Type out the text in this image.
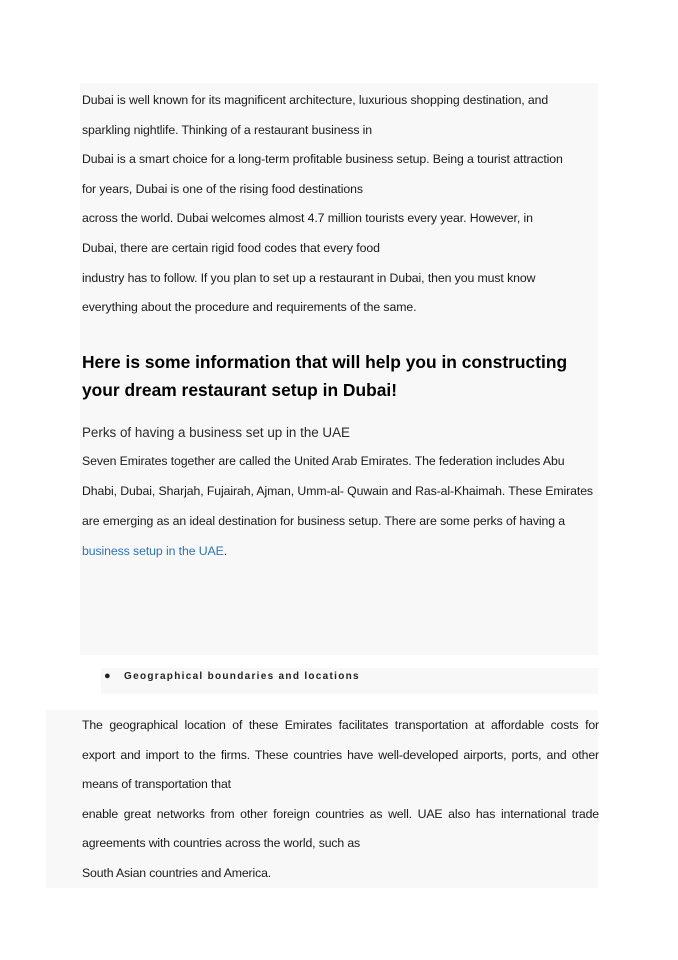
Dubai is well known for its magnificent architecture, luxurious shopping destination, and
sparkling nightlife. Thinking of a restaurant business in
Dubai is a smart choice for a long-term profitable business setup. Being a tourist attraction
for years, Dubai is one of the rising food destinations
across the world. Dubai welcomes almost 4.7 million tourists every year. However, in
Dubai, there are certain rigid food codes that every food
industry has to follow. If you plan to set up a restaurant in Dubai, then you must know
everything about the procedure and requirements of the same.

Here is some information that will help you in constructing your dream restaurant setup in Dubai!
Perks of having a business set up in the UAE

Seven Emirates together are called the United Arab Emirates. The federation includes Abu Dhabi, Dubai, Sharjah, Fujairah, Ajman, Umm-al- Quwain and Ras-al-Khaimah. These Emirates are emerging as an ideal destination for business setup. There are some perks of having a business setup in the UAE.

● Geographical boundaries and locations

The geographical location of these Emirates facilitates transportation at affordable costs for export and import to the firms. These countries have well-developed airports, ports, and other means of transportation that
enable great networks from other foreign countries as well. UAE also has international trade agreements with countries across the world, such as
South Asian countries and America.
